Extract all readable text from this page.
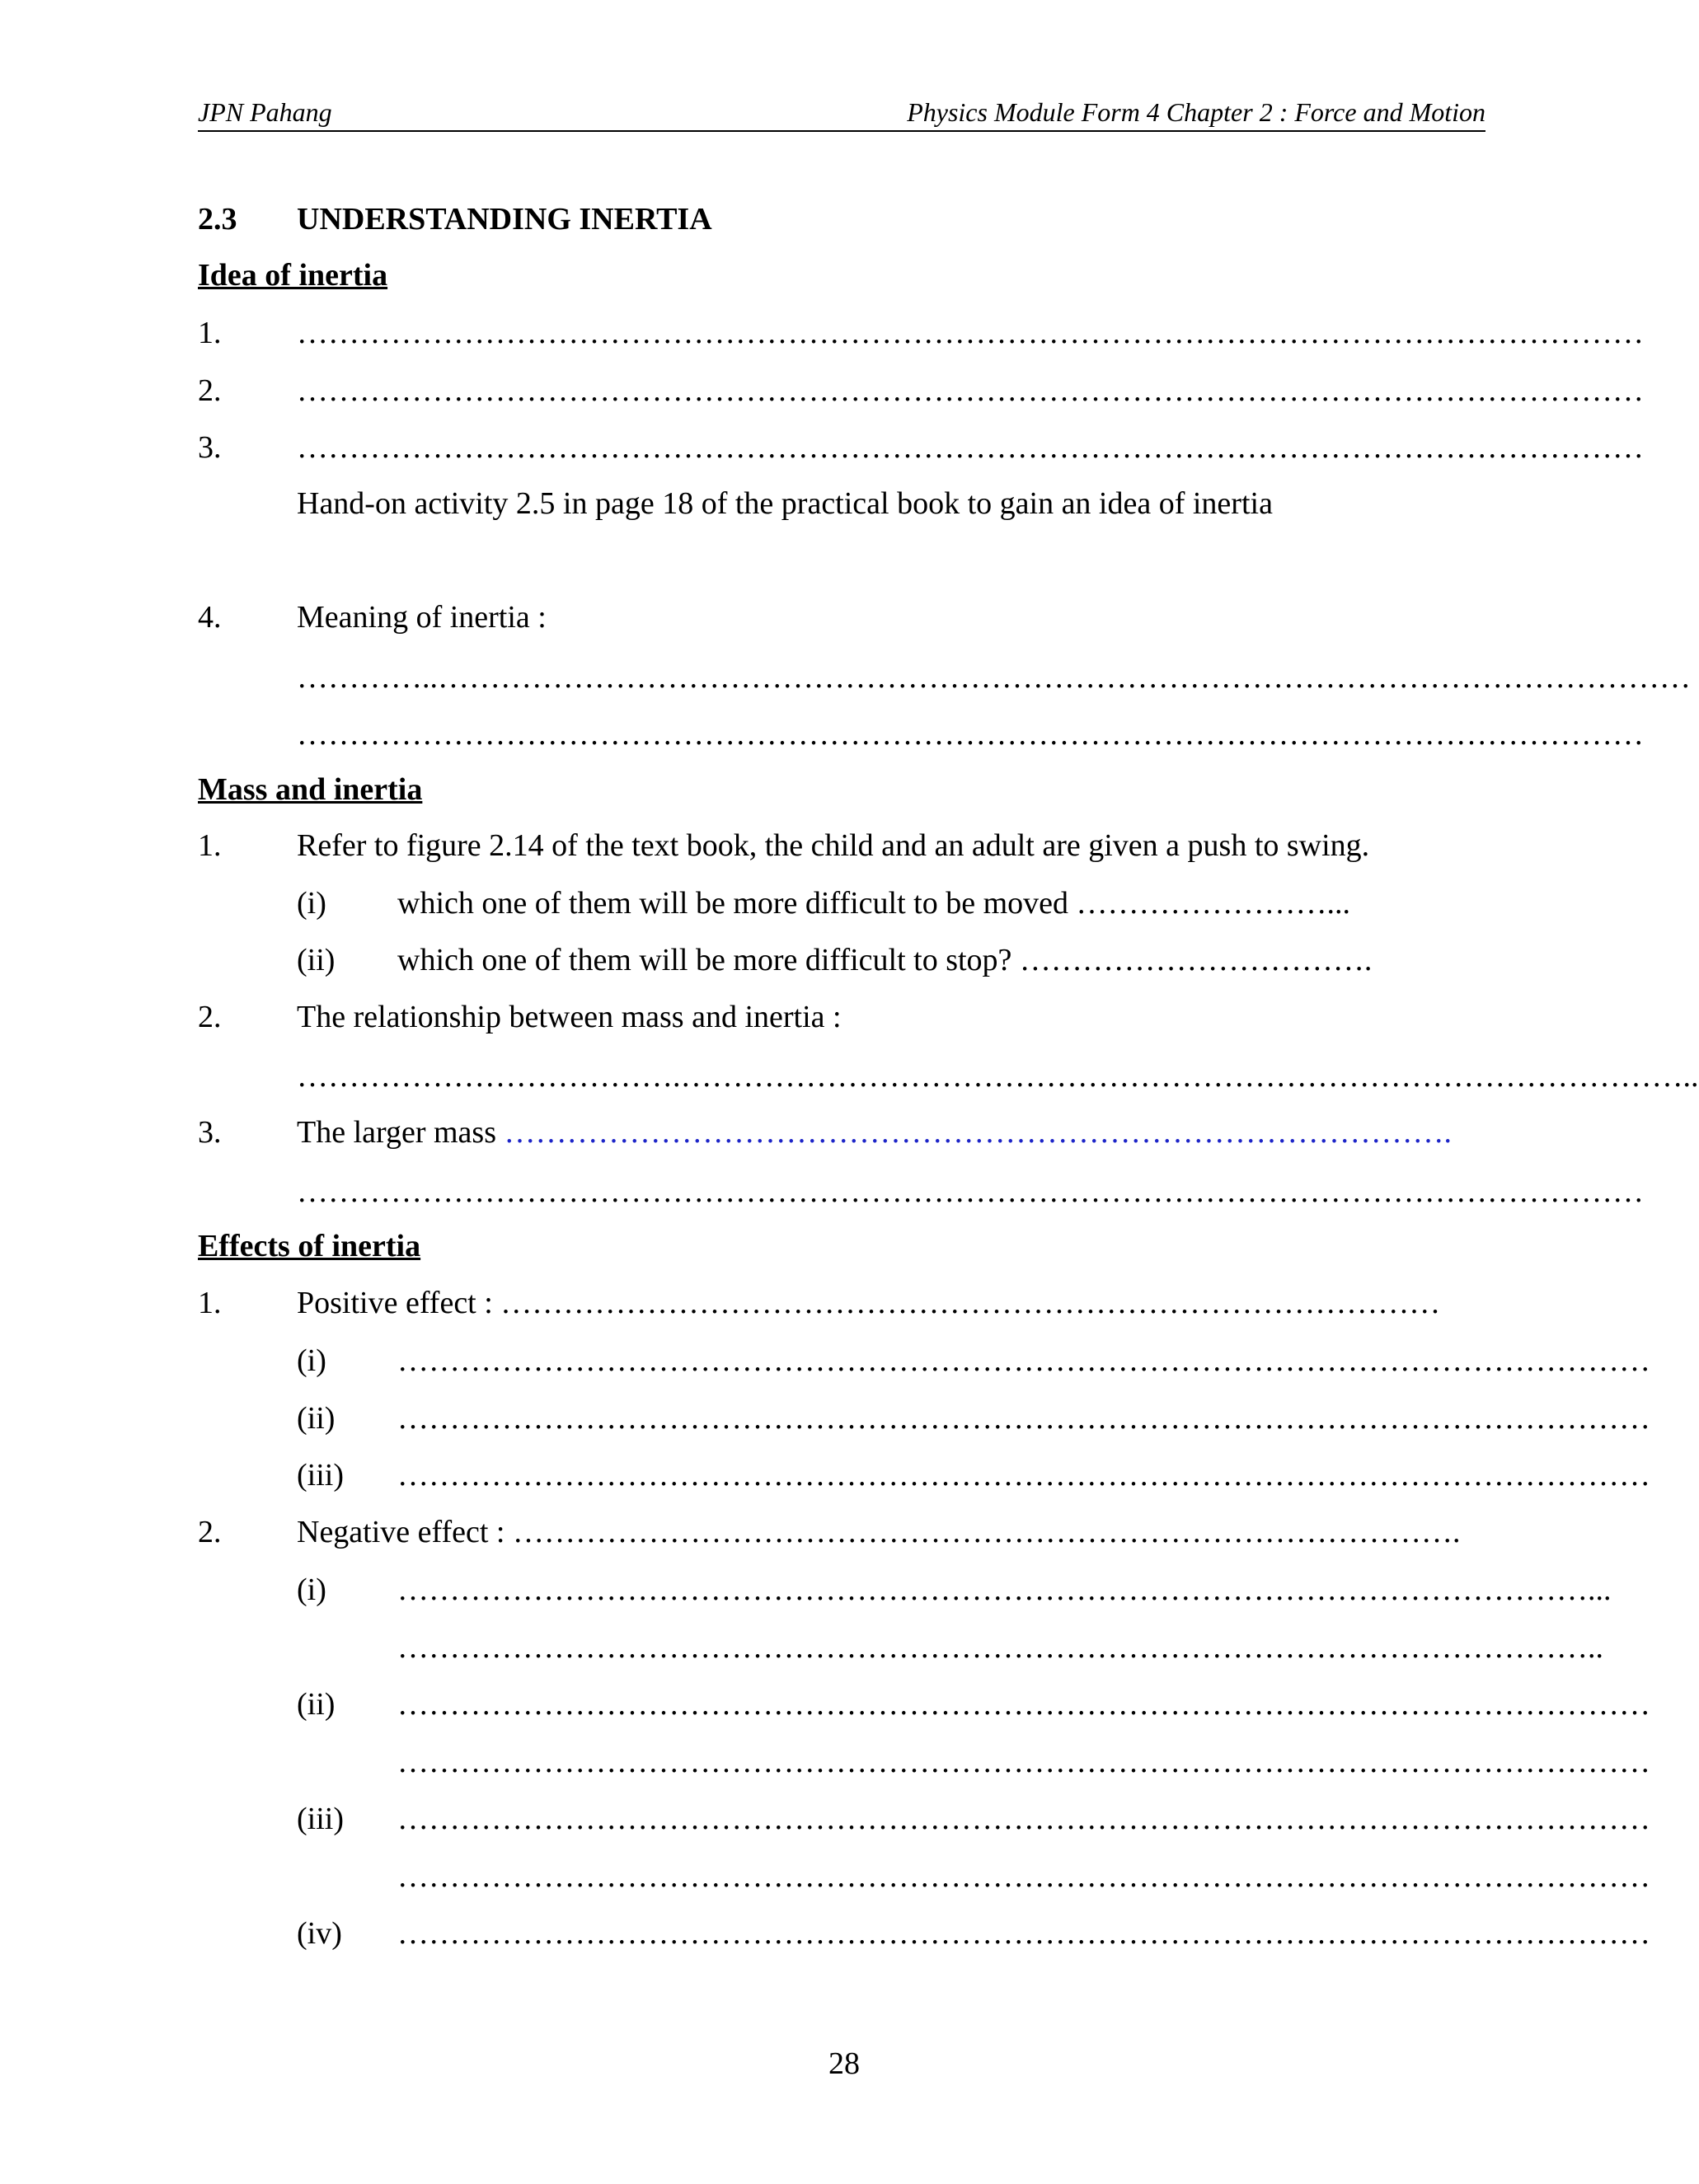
JPN Pahang	Physics Module Form 4 Chapter 2 : Force and Motion
2.3 UNDERSTANDING INERTIA
Idea of inertia
1. …………………………………………………………………………………………………………………
2. …………………………………………………………………………………………………………………
3. …………………………………………………………………………………………………………………
Hand-on activity 2.5 in page 18 of the practical book to gain an idea of inertia
4. Meaning of inertia :
…………..…………………………………………………………………………………………………………
…………………………………………………………………………………………………………………
Mass and inertia
1. Refer to figure 2.14 of the text book, the child and an adult are given a push to swing.
(i) which one of them will be more difficult to be moved ……………………...
(ii) which one of them will be more difficult to stop? …………………………….
2. The relationship between mass and inertia :
……………………………….……………………………………………………………………………………..
3. The larger mass ……………………………………………………………………………….
…………………………………………………………………………………………………………………
Effects of inertia
1. Positive effect : ………………………………………………………………………………
(i) …………………………………………………………………………………………………………
(ii) …………………………………………………………………………………………………………
(iii) …………………………………………………………………………………………………………
2. Negative effect : ……………………………………………………………………………….
(i) ……………………………………………………………………………………………………...
……………………………………………………………………………………………………..
(ii) …………………………………………………………………………………………………………
…………………………………………………………………………………………………………
(iii) …………………………………………………………………………………………………………
…………………………………………………………………………………………………………
(iv) …………………………………………………………………………………………………………
28
